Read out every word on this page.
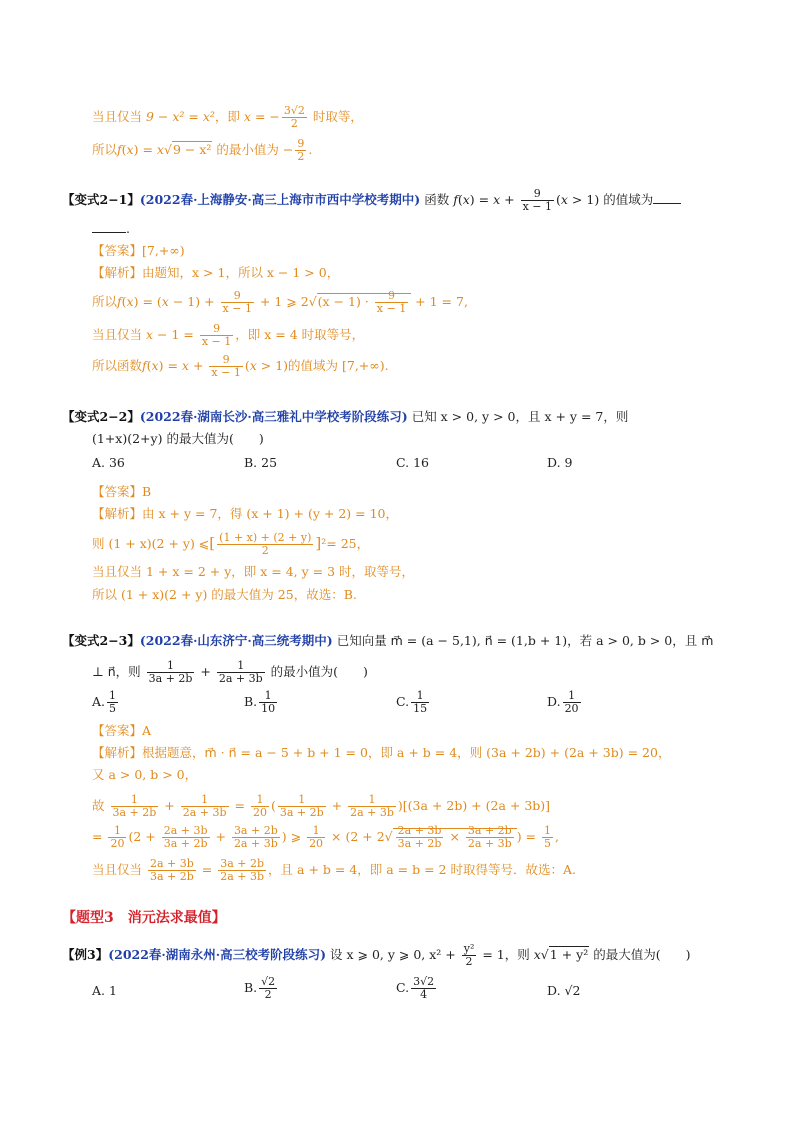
当且仅当 9 − x² = x²，即 x = − $\frac{3√2}{2}$ 时取等，
所以f(x) = x√9 − x² 的最小值为 − $\frac{9}{2}$ .
【变式2−1】(2022春·上海静安·高三上海市市西中学校考期中) 函数 $f(x) = x + \frac{9}{x - 1} (x > 1)$ 的值域为
.
【答案】[7,+∞)
【解析】由题知，x > 1，所以 x − 1 > 0，
所以$f(x) = (x - 1) + \frac{9}{x - 1} + 1$ ⩾ $2√(x - 1) \cdot \frac{9}{x - 1} + 1 = 7$,
当且仅当 $x - 1 = \frac{9}{x - 1}$ ，即 x = 4 时取等号，
所以函数$f(x) = x + \frac{9}{x - 1} (x > 1)$的值域为 [7,+∞).
【变式2−2】(2022春·湖南长沙·高三雅礼中学校考阶段练习) 已知 x > 0, y > 0，且 x + y = 7，则
(1+x)(2+y) 的最大值为(　　)
A. 36	B. 25	C. 16	D. 9
【答案】B
【解析】由 x + y = 7，得 (x + 1) + (y + 2) = 10，
则 (1 + x)(2 + y) ⩽[ $\frac{(1 + x) + (2 + y)}{2} ]^2= 25$，
当且仅当 1 + x = 2 + y，即 x = 4, y = 3 时，取等号，
所以 (1 + x)(2 + y) 的最大值为 25，故选：B.
【变式2−3】(2022春·山东济宁·高三统考期中) 已知向量 m⃗ = (a − 5,1), n⃗ = (1,b + 1)，若 a > 0, b > 0，且 m⃗
⊥ n⃗，则 $\frac{1}{3a + 2b} + \frac{1}{2a + 3b}$ 的最小值为(　　)
A. $\frac{1}{5}$	B. $\frac{1}{10}$	C. $\frac{1}{15}$	D. $\frac{1}{20}$
【答案】A
【解析】根据题意，m⃗ · n⃗ = a − 5 + b + 1 = 0，即 a + b = 4，则 (3a + 2b) + (2a + 3b) = 20，
又 a > 0, b > 0，
故 $\frac{1}{3a + 2b} + \frac{1}{2a + 3b} = \frac{1}{20}$ ( $\frac{1}{3a + 2b} + \frac{1}{2a + 3b} )[(3a + 2b) + (2a + 3b)]$
= $\frac{1}{20} (2 + \frac{2a + 3b}{3a + 2b} + \frac{3a + 2b}{2a + 3b}$ ) ⩾ $\frac{1}{20} \times (2 + 2√ \frac{2a + 3b}{3a + 2b} \times \frac{3a + 2b}{2a + 3b}$ ) = $\frac{1}{5}$ ,
当且仅当 $\frac{2a + 3b}{3a + 2b} = \frac{3a + 2b}{2a + 3b}$ ，且 a + b = 4，即 a = b = 2 时取得等号．故选：A.
【题型3　消元法求最值】
【例3】(2022春·湖南永州·高三校考阶段练习) 设 x ⩾ 0, y ⩾ 0, $x^2 + \frac{\text{y²}}{2} = 1$，则 x√1 + y² 的最大值为(　　)
A. 1	B. $\frac{√2}{2}$	C. $\frac{3√2}{4}$	D. √2
